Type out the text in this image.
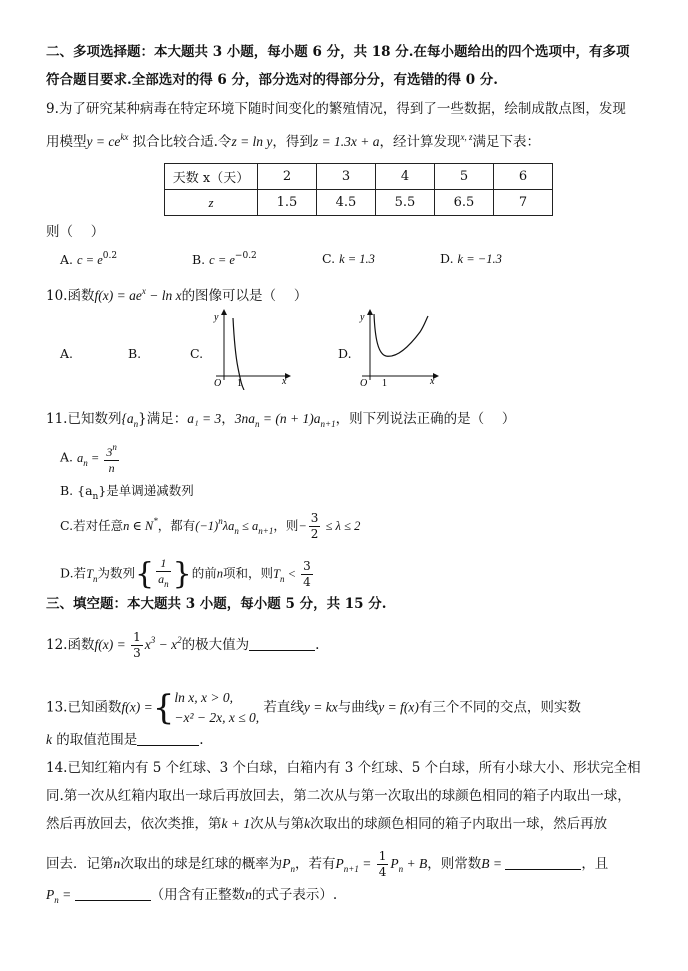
二、多项选择题：本大题共 3 小题，每小题 6 分，共 18 分.在每小题给出的四个选项中，有多项
符合题目要求.全部选对的得 6 分，部分选对的得部分分，有选错的得 0 分.
9.为了研究某种病毒在特定环境下随时间变化的繁殖情况，得到了一些数据，绘制成散点图，发现
用模型$y = ce^{kx}$ 拟合比较合适.令z = ln y，得到z = 1.3x + a，经计算发现$^{x, z}$满足下表：
天数 x（天）	2	3	4	5	6
z	1.5	4.5	5.5	6.5	7
则（　 ）
A. $c = e^{0.2}$	B. $c = e^{-0.2}$	C. k = 1.3	D. k = −1.3
10.函数$f(x) = ae^x - \ln x$的图像可以是（　 ）
A.	B.	C.	D.
O 1	x
y
O 1	x
y
11.已知数列$\{a_n\}$满足：a₁ = 3，$3na_n = (n + 1)a_{n+1}$，则下列说法正确的是（　 ）
A. $a_n = \frac{3^n}{n}$
B. $\{a_n\}$是单调递减数列
C.若对任意n ∈ N*，都有$(-1)^n\lambda a_n \le a_{n+1}$，则− $\frac{3}{2} \le \lambda \le 2$
D.若$T_n$为数列{ $\frac{1}{a_n}$ }的前n项和，则$T_n < \frac{3}{4}$
三、填空题：本大题共 3 小题，每小题 5 分，共 15 分.
12.函数$f(x) = \frac{1}{3} x^3 - x^2$的极大值为	.
13.已知函数f(x) ={ ln x, x > 0,
−x² − 2x, x ≤ 0,
若直线y = kx与曲线y = f(x)有三个不同的交点，则实数
k 的取值范围是	.
14.已知红箱内有 5 个红球、3 个白球，白箱内有 3 个红球、5 个白球，所有小球大小、形状完全相
同.第一次从红箱内取出一球后再放回去，第二次从与第一次取出的球颜色相同的箱子内取出一球，
然后再放回去，依次类推，第k + 1次从与第k次取出的球颜色相同的箱子内取出一球，然后再放
回去．记第n次取出的球是红球的概率为$P_n$，若有$P_{n+1} = \frac{1}{4} P_n + B$，则常数B =	，且
$P_n$ =	（用含有正整数n的式子表示）.
